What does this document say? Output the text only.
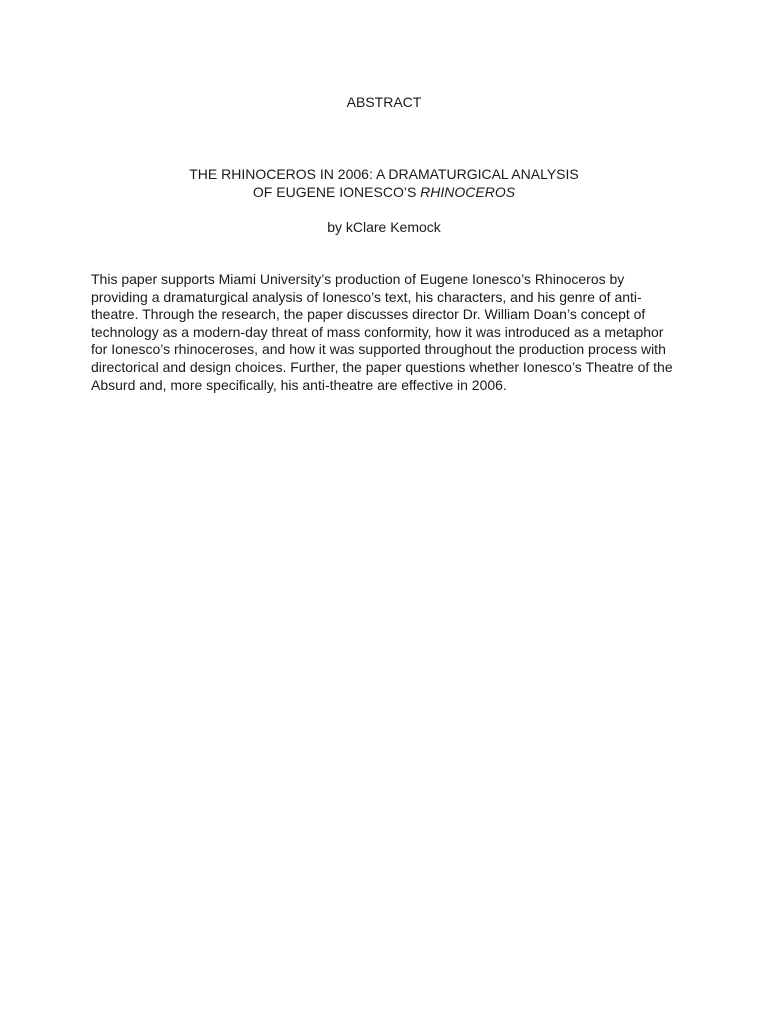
ABSTRACT
THE RHINOCEROS IN 2006: A DRAMATURGICAL ANALYSIS
OF EUGENE IONESCO’S RHINOCEROS

by kClare Kemock

This paper supports Miami University’s production of Eugene Ionesco’s Rhinoceros by providing a dramaturgical analysis of Ionesco’s text, his characters, and his genre of anti-theatre. Through the research, the paper discusses director Dr. William Doan’s concept of technology as a modern-day threat of mass conformity, how it was introduced as a metaphor for Ionesco’s rhinoceroses, and how it was supported throughout the production process with directorical and design choices. Further, the paper questions whether Ionesco’s Theatre of the Absurd and, more specifically, his anti-theatre are effective in 2006.
